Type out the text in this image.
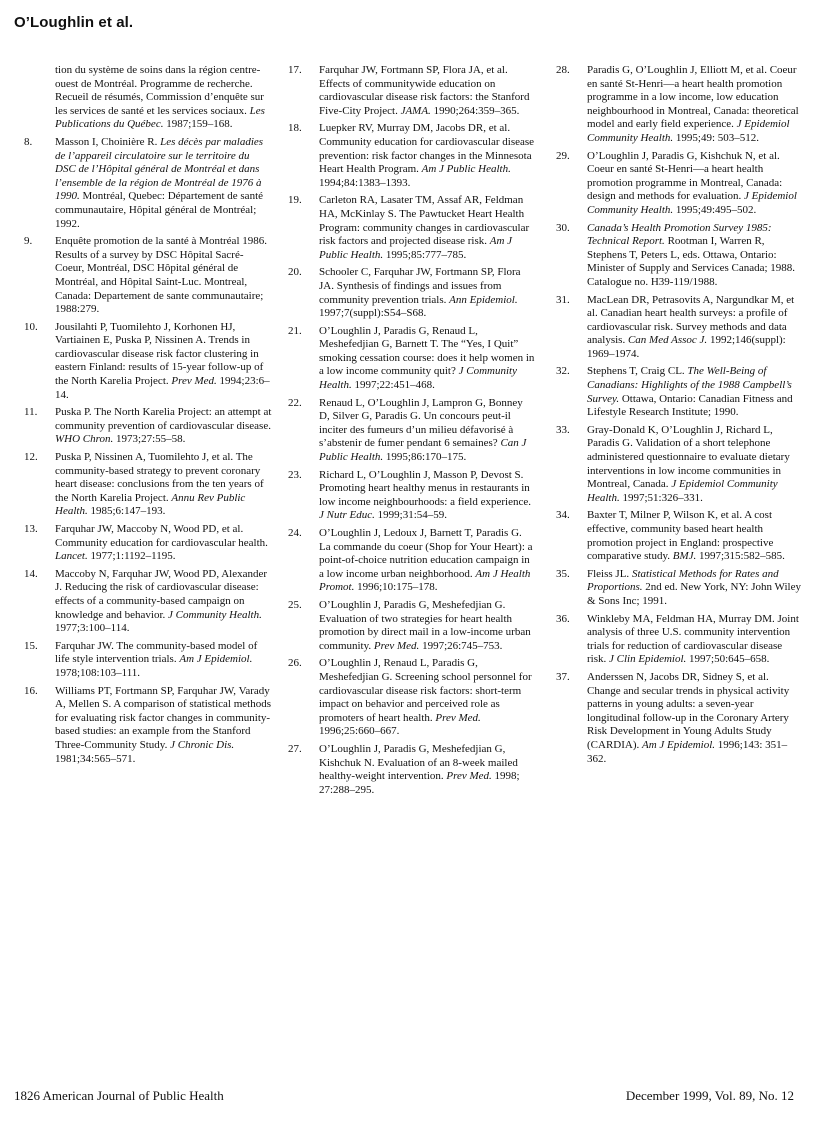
O’Loughlin et al.
tion du système de soins dans la région centre-ouest de Montréal. Programme de recherche. Recueil de résumés, Commission d’enquête sur les services de santé et les services sociaux. Les Publications du Québec. 1987;159–168.
8.	Masson I, Choinière R. Les décès par maladies de l’appareil circulatoire sur le territoire du DSC de l’Hôpital général de Montréal et dans l’ensemble de la région de Montréal de 1976 à 1990. Montréal, Quebec: Département de santé communautaire, Hôpital général de Montréal; 1992.
9.	Enquête promotion de la santé à Montréal 1986. Results of a survey by DSC Hôpital Sacré-Coeur, Montréal, DSC Hôpital général de Montréal, and Hôpital Saint-Luc. Montreal, Canada: Departement de sante communautaire; 1988:279.
10.	Jousilahti P, Tuomilehto J, Korhonen HJ, Vartiainen E, Puska P, Nissinen A. Trends in cardiovascular disease risk factor clustering in eastern Finland: results of 15-year follow-up of the North Karelia Project. Prev Med. 1994;23:6–14.
11.	Puska P. The North Karelia Project: an attempt at community prevention of cardiovascular disease. WHO Chron. 1973;27:55–58.
12.	Puska P, Nissinen A, Tuomilehto J, et al. The community-based strategy to prevent coronary heart disease: conclusions from the ten years of the North Karelia Project. Annu Rev Public Health. 1985;6:147–193.
13.	Farquhar JW, Maccoby N, Wood PD, et al. Community education for cardiovascular health. Lancet. 1977;1:1192–1195.
14.	Maccoby N, Farquhar JW, Wood PD, Alexander J. Reducing the risk of cardiovascular disease: effects of a community-based campaign on knowledge and behavior. J Community Health. 1977;3:100–114.
15.	Farquhar JW. The community-based model of life style intervention trials. Am J Epidemiol. 1978;108:103–111.
16.	Williams PT, Fortmann SP, Farquhar JW, Varady A, Mellen S. A comparison of statistical methods for evaluating risk factor changes in community-based studies: an example from the Stanford Three-Community Study. J Chronic Dis. 1981;34:565–571.
17.	Farquhar JW, Fortmann SP, Flora JA, et al. Effects of communitywide education on cardiovascular disease risk factors: the Stanford Five-City Project. JAMA. 1990;264:359–365.
18.	Luepker RV, Murray DM, Jacobs DR, et al. Community education for cardiovascular disease prevention: risk factor changes in the Minnesota Heart Health Program. Am J Public Health. 1994;84:1383–1393.
19.	Carleton RA, Lasater TM, Assaf AR, Feldman HA, McKinlay S. The Pawtucket Heart Health Program: community changes in cardiovascular risk factors and projected disease risk. Am J Public Health. 1995;85:777–785.
20.	Schooler C, Farquhar JW, Fortmann SP, Flora JA. Synthesis of findings and issues from community prevention trials. Ann Epidemiol. 1997;7(suppl):S54–S68.
21.	O’Loughlin J, Paradis G, Renaud L, Meshefedjian G, Barnett T. The “Yes, I Quit” smoking cessation course: does it help women in a low income community quit? J Community Health. 1997;22:451–468.
22.	Renaud L, O’Loughlin J, Lampron G, Bonney D, Silver G, Paradis G. Un concours peut-il inciter des fumeurs d’un milieu défavorisé à s’abstenir de fumer pendant 6 semaines? Can J Public Health. 1995;86:170–175.
23.	Richard L, O’Loughlin J, Masson P, Devost S. Promoting heart healthy menus in restaurants in low income neighbourhoods: a field experience. J Nutr Educ. 1999;31:54–59.
24.	O’Loughlin J, Ledoux J, Barnett T, Paradis G. La commande du coeur (Shop for Your Heart): a point-of-choice nutrition education campaign in a low income urban neighborhood. Am J Health Promot. 1996;10:175–178.
25.	O’Loughlin J, Paradis G, Meshefedjian G. Evaluation of two strategies for heart health promotion by direct mail in a low-income urban community. Prev Med. 1997;26:745–753.
26.	O’Loughlin J, Renaud L, Paradis G, Meshefedjian G. Screening school personnel for cardiovascular disease risk factors: short-term impact on behavior and perceived role as promoters of heart health. Prev Med. 1996;25:660–667.
27.	O’Loughlin J, Paradis G, Meshefedjian G, Kishchuk N. Evaluation of an 8-week mailed healthy-weight intervention. Prev Med. 1998; 27:288–295.
28.	Paradis G, O’Loughlin J, Elliott M, et al. Coeur en santé St-Henri—a heart health promotion programme in a low income, low education neighbourhood in Montreal, Canada: theoretical model and early field experience. J Epidemiol Community Health. 1995;49: 503–512.
29.	O’Loughlin J, Paradis G, Kishchuk N, et al. Coeur en santé St-Henri—a heart health promotion programme in Montreal, Canada: design and methods for evaluation. J Epidemiol Community Health. 1995;49:495–502.
30.	Canada’s Health Promotion Survey 1985: Technical Report. Rootman I, Warren R, Stephens T, Peters L, eds. Ottawa, Ontario: Minister of Supply and Services Canada; 1988. Catalogue no. H39-119/1988.
31.	MacLean DR, Petrasovits A, Nargundkar M, et al. Canadian heart health surveys: a profile of cardiovascular risk. Survey methods and data analysis. Can Med Assoc J. 1992;146(suppl): 1969–1974.
32.	Stephens T, Craig CL. The Well-Being of Canadians: Highlights of the 1988 Campbell’s Survey. Ottawa, Ontario: Canadian Fitness and Lifestyle Research Institute; 1990.
33.	Gray-Donald K, O’Loughlin J, Richard L, Paradis G. Validation of a short telephone administered questionnaire to evaluate dietary interventions in low income communities in Montreal, Canada. J Epidemiol Community Health. 1997;51:326–331.
34.	Baxter T, Milner P, Wilson K, et al. A cost effective, community based heart health promotion project in England: prospective comparative study. BMJ. 1997;315:582–585.
35.	Fleiss JL. Statistical Methods for Rates and Proportions. 2nd ed. New York, NY: John Wiley & Sons Inc; 1991.
36.	Winkleby MA, Feldman HA, Murray DM. Joint analysis of three U.S. community intervention trials for reduction of cardiovascular disease risk. J Clin Epidemiol. 1997;50:645–658.
37.	Anderssen N, Jacobs DR, Sidney S, et al. Change and secular trends in physical activity patterns in young adults: a seven-year longitudinal follow-up in the Coronary Artery Risk Development in Young Adults Study (CARDIA). Am J Epidemiol. 1996;143: 351–362.
1826 American Journal of Public Health	December 1999, Vol. 89, No. 12
